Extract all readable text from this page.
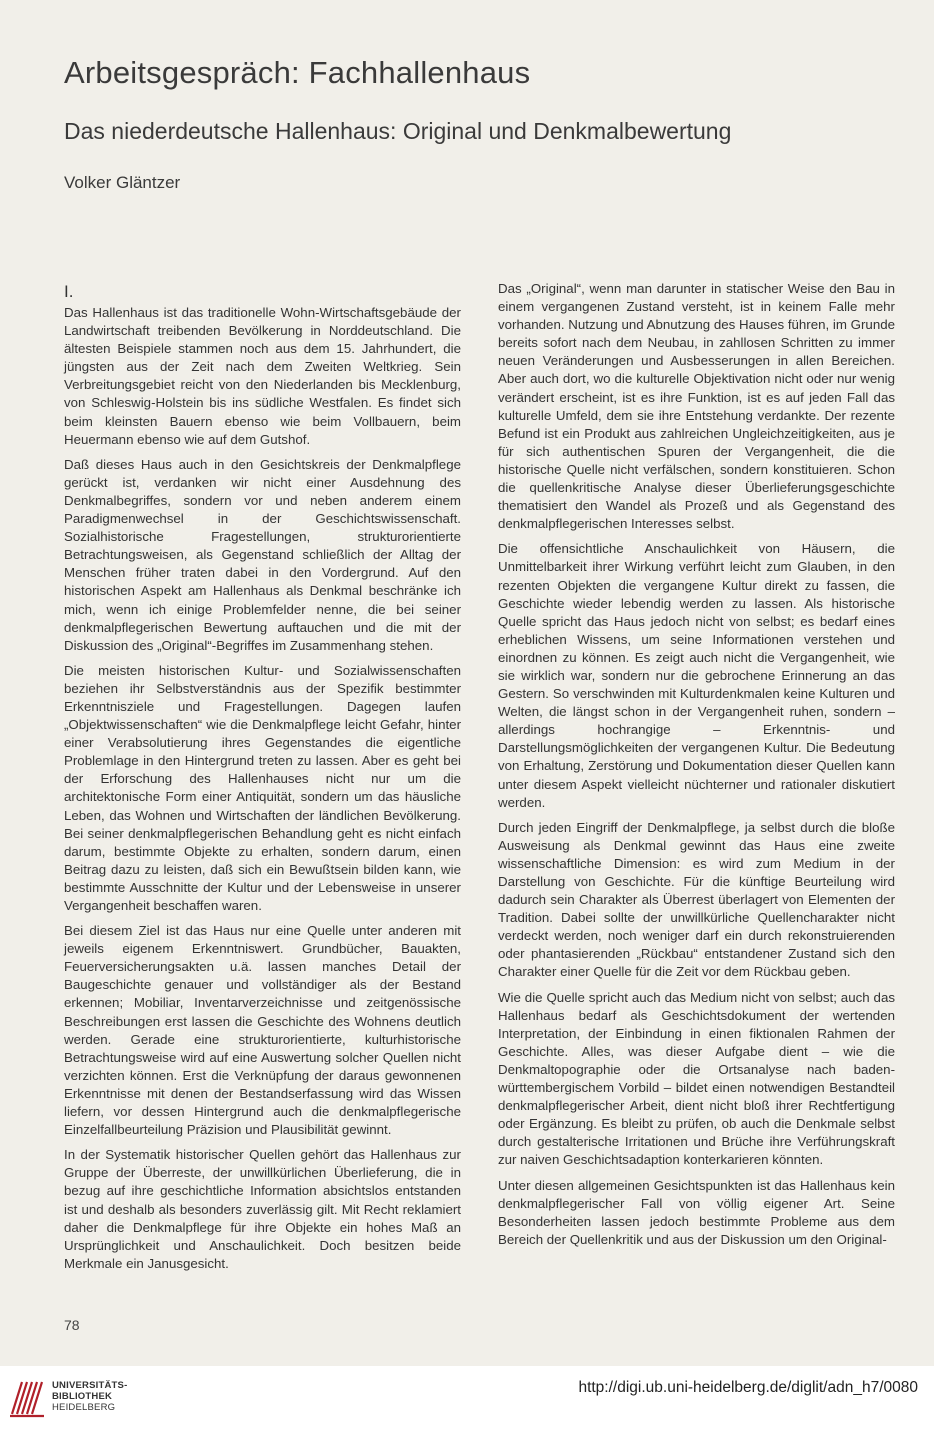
Arbeitsgespräch: Fachhallenhaus
Das niederdeutsche Hallenhaus: Original und Denkmalbewertung
Volker Gläntzer
I.

Das Hallenhaus ist das traditionelle Wohn-Wirtschaftsgebäude der Landwirtschaft treibenden Bevölkerung in Norddeutschland. Die ältesten Beispiele stammen noch aus dem 15. Jahrhundert, die jüngsten aus der Zeit nach dem Zweiten Weltkrieg. Sein Verbreitungsgebiet reicht von den Niederlanden bis Mecklenburg, von Schleswig-Holstein bis ins südliche Westfalen. Es findet sich beim kleinsten Bauern ebenso wie beim Vollbauern, beim Heuermann ebenso wie auf dem Gutshof.

Daß dieses Haus auch in den Gesichtskreis der Denkmalpflege gerückt ist, verdanken wir nicht einer Ausdehnung des Denkmalbegriffes, sondern vor und neben anderem einem Paradigmenwechsel in der Geschichtswissenschaft. Sozialhistorische Fragestellungen, strukturorientierte Betrachtungsweisen, als Gegenstand schließlich der Alltag der Menschen früher traten dabei in den Vordergrund. Auf den historischen Aspekt am Hallenhaus als Denkmal beschränke ich mich, wenn ich einige Problemfelder nenne, die bei seiner denkmalpflegerischen Bewertung auftauchen und die mit der Diskussion des „Original“-Begriffes im Zusammenhang stehen.

Die meisten historischen Kultur- und Sozialwissenschaften beziehen ihr Selbstverständnis aus der Spezifik bestimmter Erkenntnisziele und Fragestellungen. Dagegen laufen „Objektwissenschaften“ wie die Denkmalpflege leicht Gefahr, hinter einer Verabsolutierung ihres Gegenstandes die eigentliche Problemlage in den Hintergrund treten zu lassen. Aber es geht bei der Erforschung des Hallenhauses nicht nur um die architektonische Form einer Antiquität, sondern um das häusliche Leben, das Wohnen und Wirtschaften der ländlichen Bevölkerung. Bei seiner denkmalpflegerischen Behandlung geht es nicht einfach darum, bestimmte Objekte zu erhalten, sondern darum, einen Beitrag dazu zu leisten, daß sich ein Bewußtsein bilden kann, wie bestimmte Ausschnitte der Kultur und der Lebensweise in unserer Vergangenheit beschaffen waren.

Bei diesem Ziel ist das Haus nur eine Quelle unter anderen mit jeweils eigenem Erkenntniswert. Grundbücher, Bauakten, Feuerversicherungsakten u.ä. lassen manches Detail der Baugeschichte genauer und vollständiger als der Bestand erkennen; Mobiliar, Inventarverzeichnisse und zeitgenössische Beschreibungen erst lassen die Geschichte des Wohnens deutlich werden. Gerade eine strukturorientierte, kulturhistorische Betrachtungsweise wird auf eine Auswertung solcher Quellen nicht verzichten können. Erst die Verknüpfung der daraus gewonnenen Erkenntnisse mit denen der Bestandserfassung wird das Wissen liefern, vor dessen Hintergrund auch die denkmalpflegerische Einzelfallbeurteilung Präzision und Plausibilität gewinnt.

In der Systematik historischer Quellen gehört das Hallenhaus zur Gruppe der Überreste, der unwillkürlichen Überlieferung, die in bezug auf ihre geschichtliche Information absichtslos entstanden ist und deshalb als besonders zuverlässig gilt. Mit Recht reklamiert daher die Denkmalpflege für ihre Objekte ein hohes Maß an Ursprünglichkeit und Anschaulichkeit. Doch besitzen beide Merkmale ein Janusgesicht.

Das „Original“, wenn man darunter in statischer Weise den Bau in einem vergangenen Zustand versteht, ist in keinem Falle mehr vorhanden. Nutzung und Abnutzung des Hauses führen, im Grunde bereits sofort nach dem Neubau, in zahllosen Schritten zu immer neuen Veränderungen und Ausbesserungen in allen Bereichen. Aber auch dort, wo die kulturelle Objektivation nicht oder nur wenig verändert erscheint, ist es ihre Funktion, ist es auf jeden Fall das kulturelle Umfeld, dem sie ihre Entstehung verdankte. Der rezente Befund ist ein Produkt aus zahlreichen Ungleichzeitigkeiten, aus je für sich authentischen Spuren der Vergangenheit, die die historische Quelle nicht verfälschen, sondern konstituieren. Schon die quellenkritische Analyse dieser Überlieferungsgeschichte thematisiert den Wandel als Prozeß und als Gegenstand des denkmalpflegerischen Interesses selbst.

Die offensichtliche Anschaulichkeit von Häusern, die Unmittelbarkeit ihrer Wirkung verführt leicht zum Glauben, in den rezenten Objekten die vergangene Kultur direkt zu fassen, die Geschichte wieder lebendig werden zu lassen. Als historische Quelle spricht das Haus jedoch nicht von selbst; es bedarf eines erheblichen Wissens, um seine Informationen verstehen und einordnen zu können. Es zeigt auch nicht die Vergangenheit, wie sie wirklich war, sondern nur die gebrochene Erinnerung an das Gestern. So verschwinden mit Kulturdenkmalen keine Kulturen und Welten, die längst schon in der Vergangenheit ruhen, sondern – allerdings hochrangige – Erkenntnis- und Darstellungsmöglichkeiten der vergangenen Kultur. Die Bedeutung von Erhaltung, Zerstörung und Dokumentation dieser Quellen kann unter diesem Aspekt vielleicht nüchterner und rationaler diskutiert werden.

Durch jeden Eingriff der Denkmalpflege, ja selbst durch die bloße Ausweisung als Denkmal gewinnt das Haus eine zweite wissenschaftliche Dimension: es wird zum Medium in der Darstellung von Geschichte. Für die künftige Beurteilung wird dadurch sein Charakter als Überrest überlagert von Elementen der Tradition. Dabei sollte der unwillkürliche Quellencharakter nicht verdeckt werden, noch weniger darf ein durch rekonstruierenden oder phantasierenden „Rückbau“ entstandener Zustand sich den Charakter einer Quelle für die Zeit vor dem Rückbau geben.

Wie die Quelle spricht auch das Medium nicht von selbst; auch das Hallenhaus bedarf als Geschichtsdokument der wertenden Interpretation, der Einbindung in einen fiktionalen Rahmen der Geschichte. Alles, was dieser Aufgabe dient – wie die Denkmaltopographie oder die Ortsanalyse nach baden-württembergischem Vorbild – bildet einen notwendigen Bestandteil denkmalpflegerischer Arbeit, dient nicht bloß ihrer Rechtfertigung oder Ergänzung. Es bleibt zu prüfen, ob auch die Denkmale selbst durch gestalterische Irritationen und Brüche ihre Verführungskraft zur naiven Geschichtsadaption konterkarieren könnten.

Unter diesen allgemeinen Gesichtspunkten ist das Hallenhaus kein denkmalpflegerischer Fall von völlig eigener Art. Seine Besonderheiten lassen jedoch bestimmte Probleme aus dem Bereich der Quellenkritik und aus der Diskussion um den Original-

78
UNIVERSITÄTS-
BIBLIOTHEK
HEIDELBERG
http://digi.ub.uni-heidelberg.de/diglit/adn_h7/0080
